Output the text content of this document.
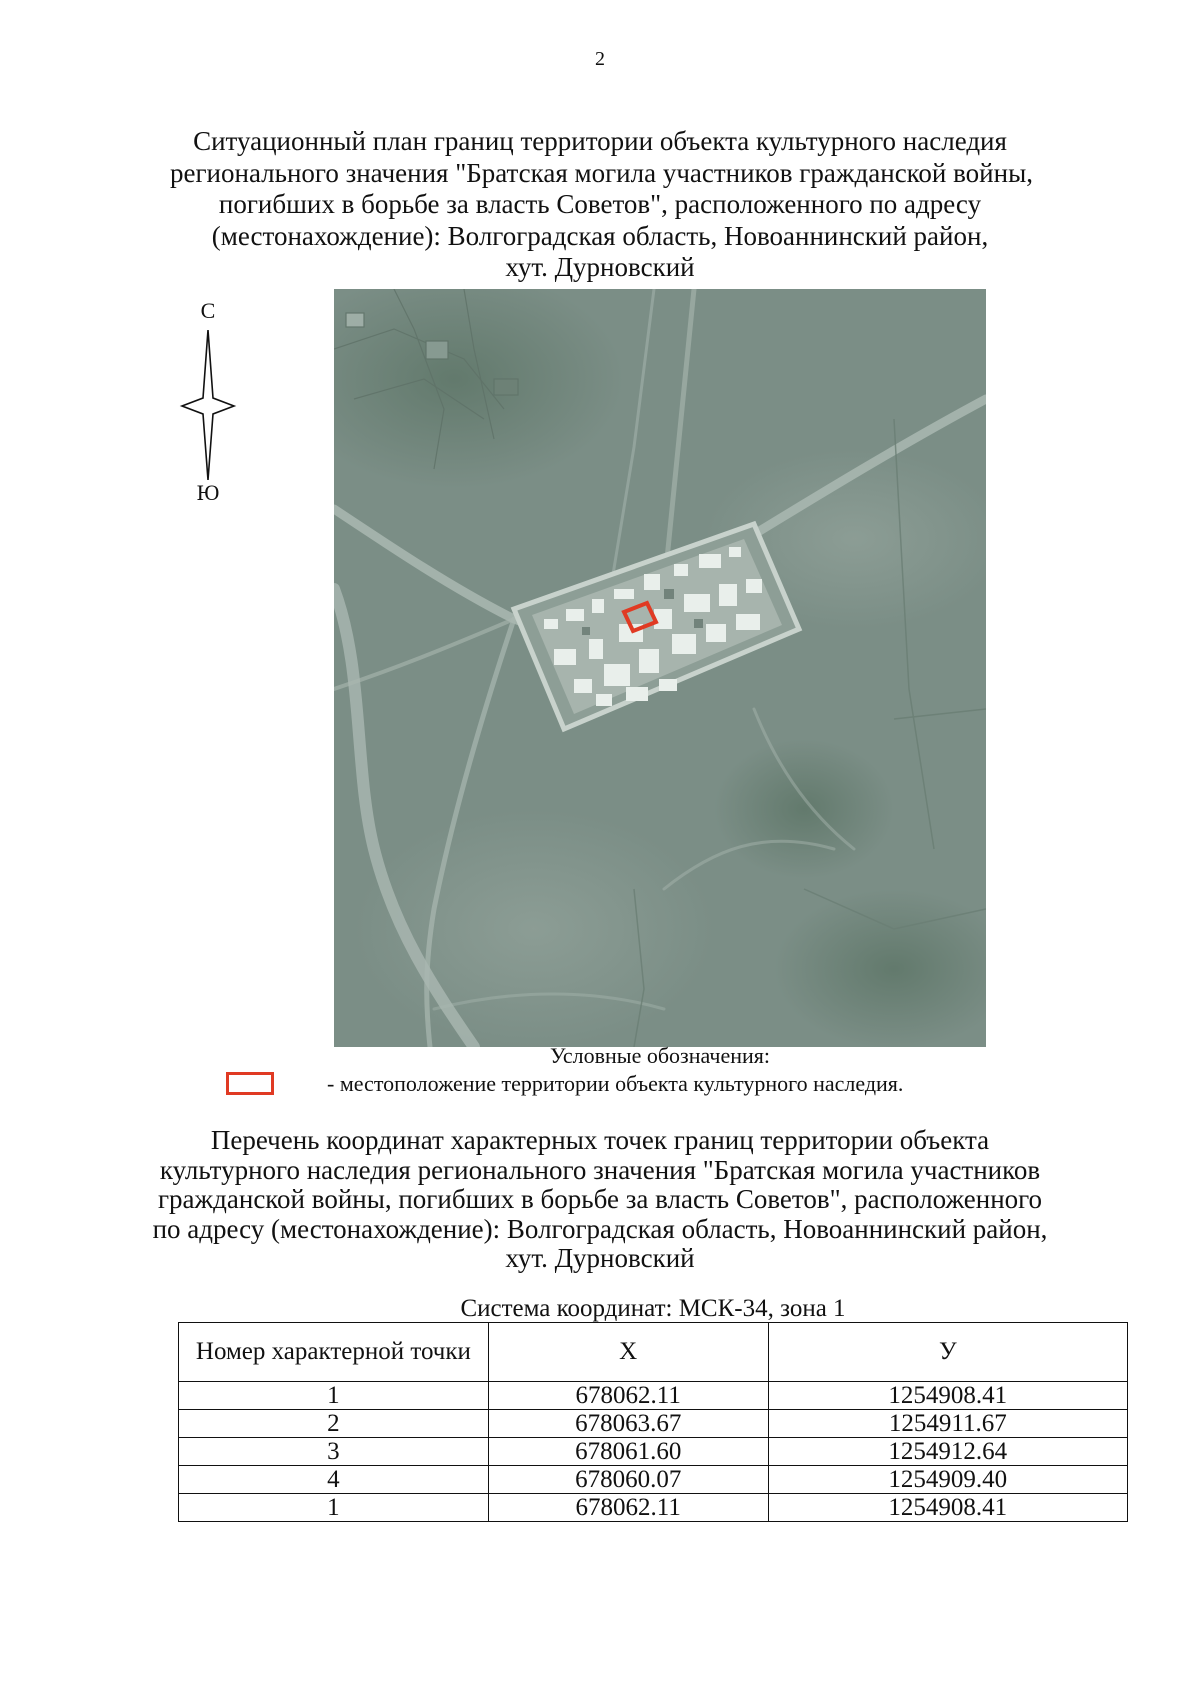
2
Ситуационный план границ территории объекта культурного наследия
регионального значения "Братская могила участников гражданской войны,
погибших в борьбе за власть Советов", расположенного по адресу
(местонахождение): Волгоградская область, Новоаннинский район,
хут. Дурновский
С
Ю
Условные обозначения:
- местоположение территории объекта культурного наследия.
Перечень координат характерных точек границ территории объекта
культурного наследия регионального значения "Братская могила участников
гражданской войны, погибших в борьбе за власть Советов", расположенного
по адресу (местонахождение): Волгоградская область, Новоаннинский район,
хут. Дурновский
Система координат: МСК-34, зона 1
Номер характерной точки	X	У
1	678062.11	1254908.41
2	678063.67	1254911.67
3	678061.60	1254912.64
4	678060.07	1254909.40
1	678062.11	1254908.41
